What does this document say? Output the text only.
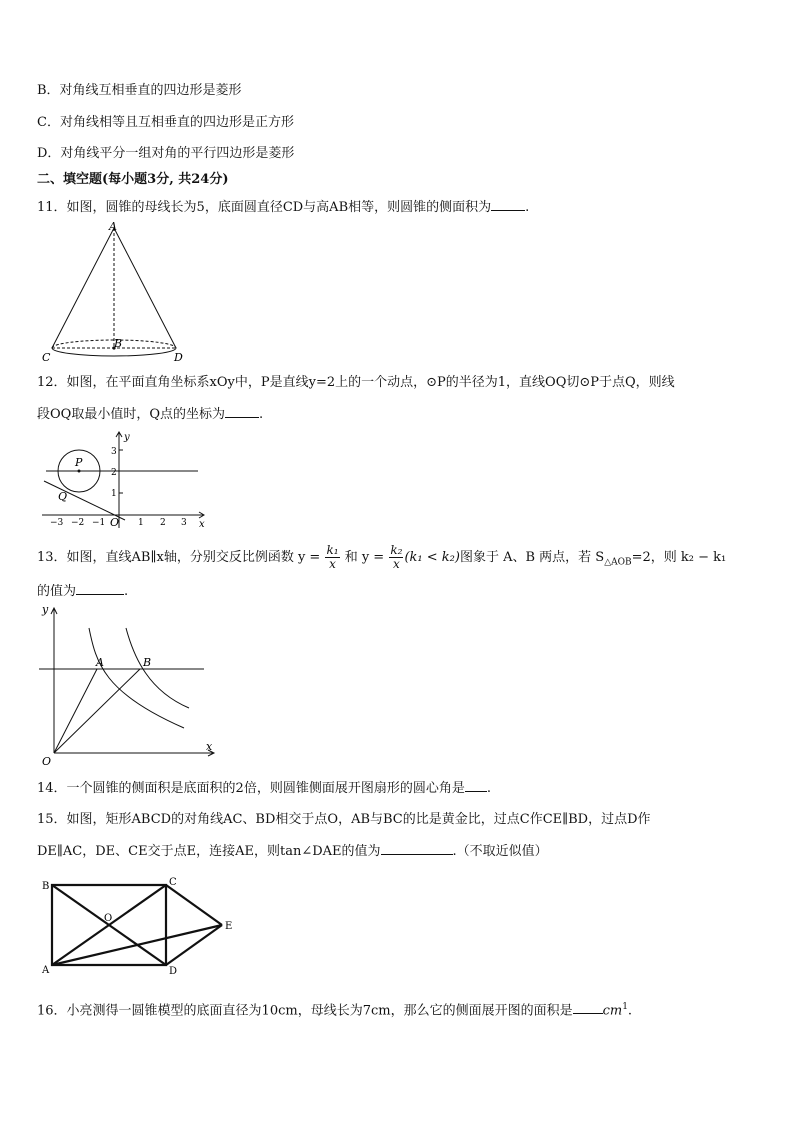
B．对角线互相垂直的四边形是菱形
C．对角线相等且互相垂直的四边形是正方形
D．对角线平分一组对角的平行四边形是菱形
二、填空题(每小题3分, 共24分)
11．如图，圆锥的母线长为5，底面圆直径CD与高AB相等，则圆锥的侧面积为	.
A
B
C	D
12．如图，在平面直角坐标系xOy中，P是直线y=2上的一个动点，⊙P的半径为1，直线OQ切⊙P于点Q，则线
段OQ取最小值时，Q点的坐标为	.
y
x
P
Q
O
3
2
1
−3 −2 −1	1 2 3
13．如图，直线AB∥x轴，分别交反比例函数 $y = \frac{\text{k₁}}{x}$ 和 $y = \frac{\text{k₂}}{x} (k_1 < k_2)$图象于 A、B 两点，若 $S_{\triangle AOB}=2$，则 k₂ − k₁
的值为	.
y
x
O
A	B
14．一个圆锥的侧面积是底面积的2倍，则圆锥侧面展开图扇形的圆心角是 .
15．如图，矩形ABCD的对角线AC、BD相交于点O，AB与BC的比是黄金比，过点C作CE∥BD，过点D作
DE∥AC，DE、CE交于点E，连接AE，则tan∠DAE的值为	.（不取近似值）
B	C
A	D
E
O
16．小亮测得一圆锥模型的底面直径为10cm，母线长为7cm，那么它的侧面展开图的面积是 $cm^1$.
